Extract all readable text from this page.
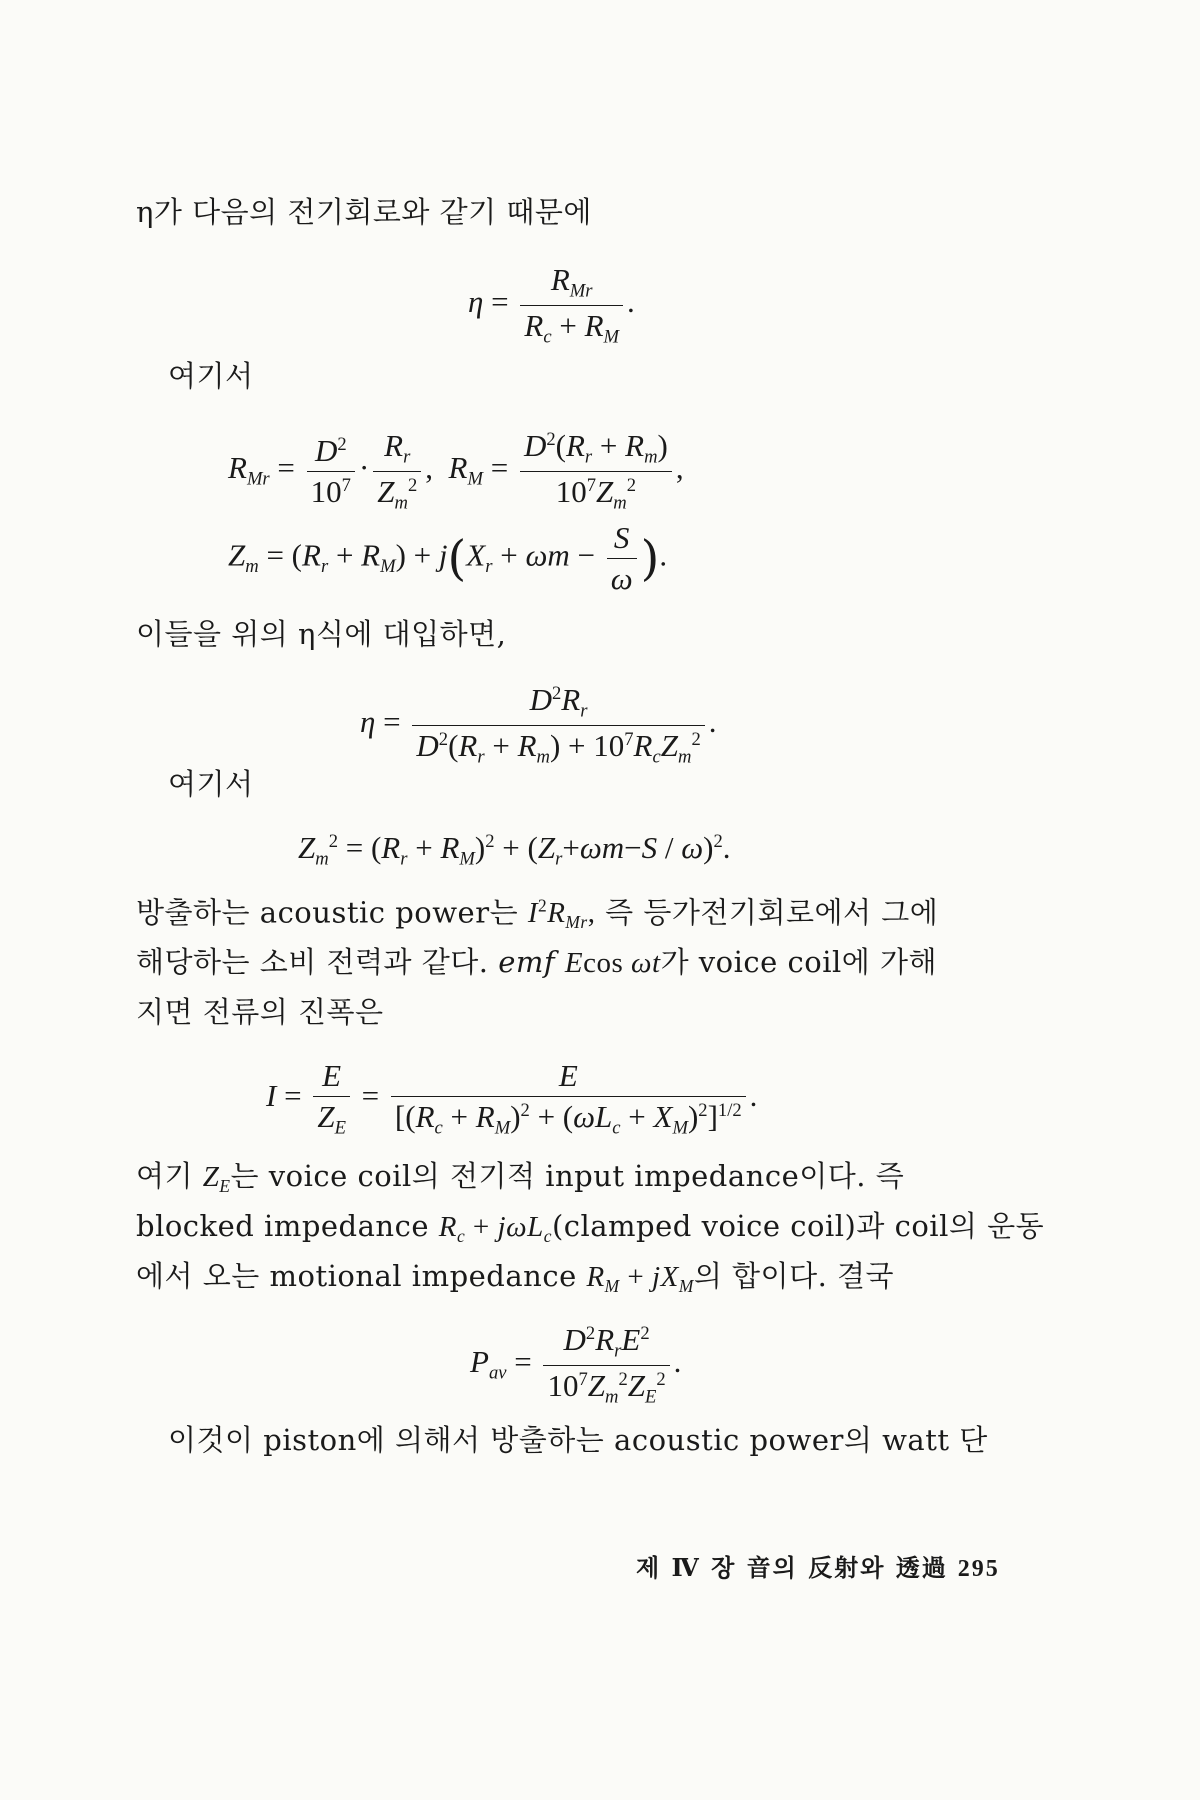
η가 다음의 전기회로와 같기 때문에
$\eta = \frac{R_{Mr}}{R_c + R_M}$ .
여기서
$R_{Mr} = \frac{D^2}{10^7} \cdot \frac{R_r}{Z_m^2}$ ,  $R_M = \frac{D^2(R_r + R_m)}{10^7Z_m^2}$ ,
$Z_m = (R_r + R_M) + j(X_r + \omega m - \frac{S}{\omega}$ ).
이들을 위의 η식에 대입하면,
$\eta = \frac{D^2R_r}{D^2(R_r + R_m) + 10^7R_cZ_m^2}$ .
여기서
$Z_m^2 = (R_r + R_M)^2 + (Z_r+\omega m-S / \omega)^2$.
방출하는 acoustic power는 $I^2R_{Mr}$, 즉 등가전기회로에서 그에
해당하는 소비 전력과 같다. emf Ecos ωt가 voice coil에 가해
지면 전류의 진폭은
$I = \frac{E}{Z_E} = \frac{E}{[(R_c + R_M)^2 + (\omega L_c + X_M)^2]^{1/2}}$ .
여기 $Z_E$는 voice coil의 전기적 input impedance이다. 즉
blocked impedance $R_c$ + jωL$_c$(clamped voice coil)과 coil의 운동
에서 오는 motional impedance $R_M + jX_M$의 합이다. 결국
$P_{av} = \frac{D^2R_rE^2}{10^7Z_m^2Z_E^2}$ .
이것이 piston에 의해서 방출하는 acoustic power의 watt 단
제 Ⅳ 장 音의 反射와 透過 295
